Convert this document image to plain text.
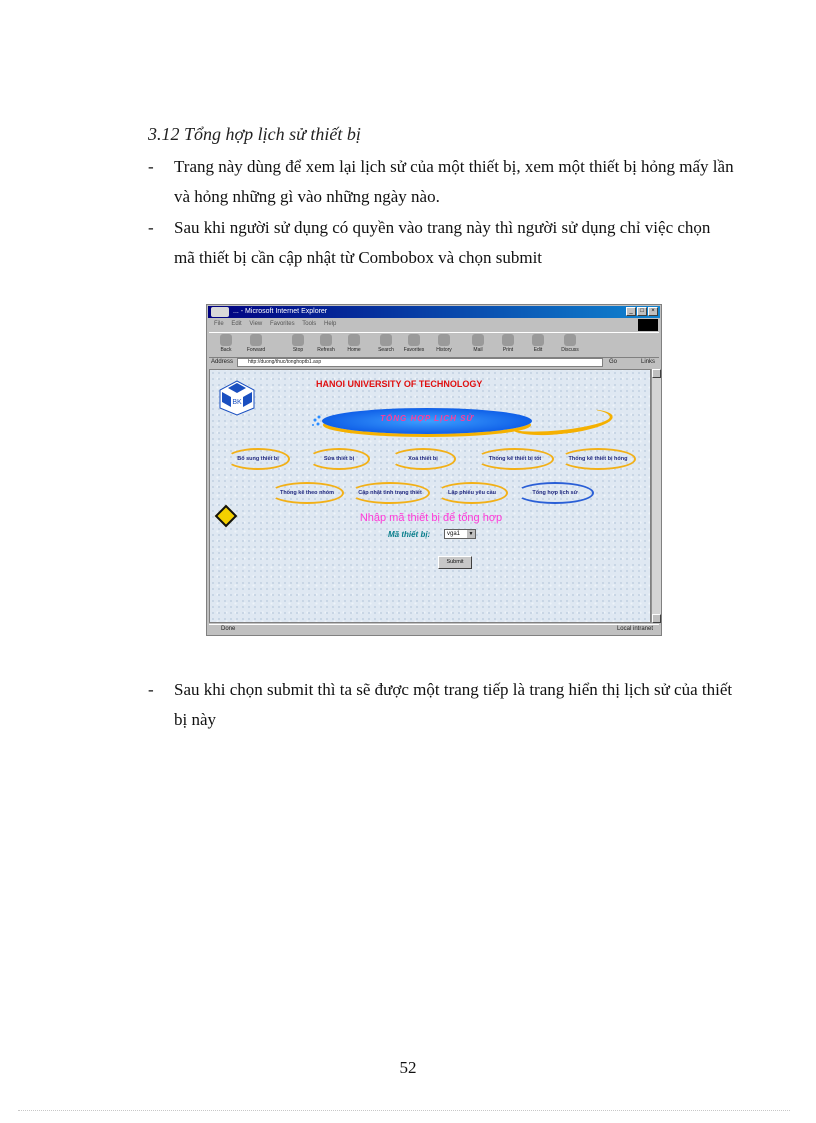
3.12 Tổng hợp lịch sử thiết bị
- Trang này dùng để xem lại lịch sử của một thiết bị, xem một thiết bị hỏng mấy lần và hỏng những gì vào những ngày nào.
- Sau khi người sử dụng có quyền vào trang này thì người sử dụng chỉ việc chọn mã thiết bị cần cập nhật từ Combobox và chọn submit
... - Microsoft Internet Explorer	_	□	×
File Edit View Favorites Tools Help
Back	Forward	Stop	Refresh	Home	Search	Favorites	History	Mail	Print	Edit	Discuss
Address	http://duong/thuc/tonghoptb1.asp	Go	Links
BK
HANOI UNIVERSITY OF TECHNOLOGY
TỔNG HỢP LỊCH SỬ
Bổ sung thiết bị	Sửa thiết bị	Xoá thiết bị	Thống kê thiết bị tốt	Thống kê thiết bị hỏng
Thống kê theo nhóm	Cập nhật tình trạng thiết	Lập phiếu yêu cầu	Tổng hợp lịch sử
Nhập mã thiết bị để tổng hợp
Mã thiết bị:	vga1	▼
Submit
Done	Local intranet
- Sau khi chọn submit thì ta sẽ được một trang tiếp là trang hiển thị lịch sử của thiết bị này
52
